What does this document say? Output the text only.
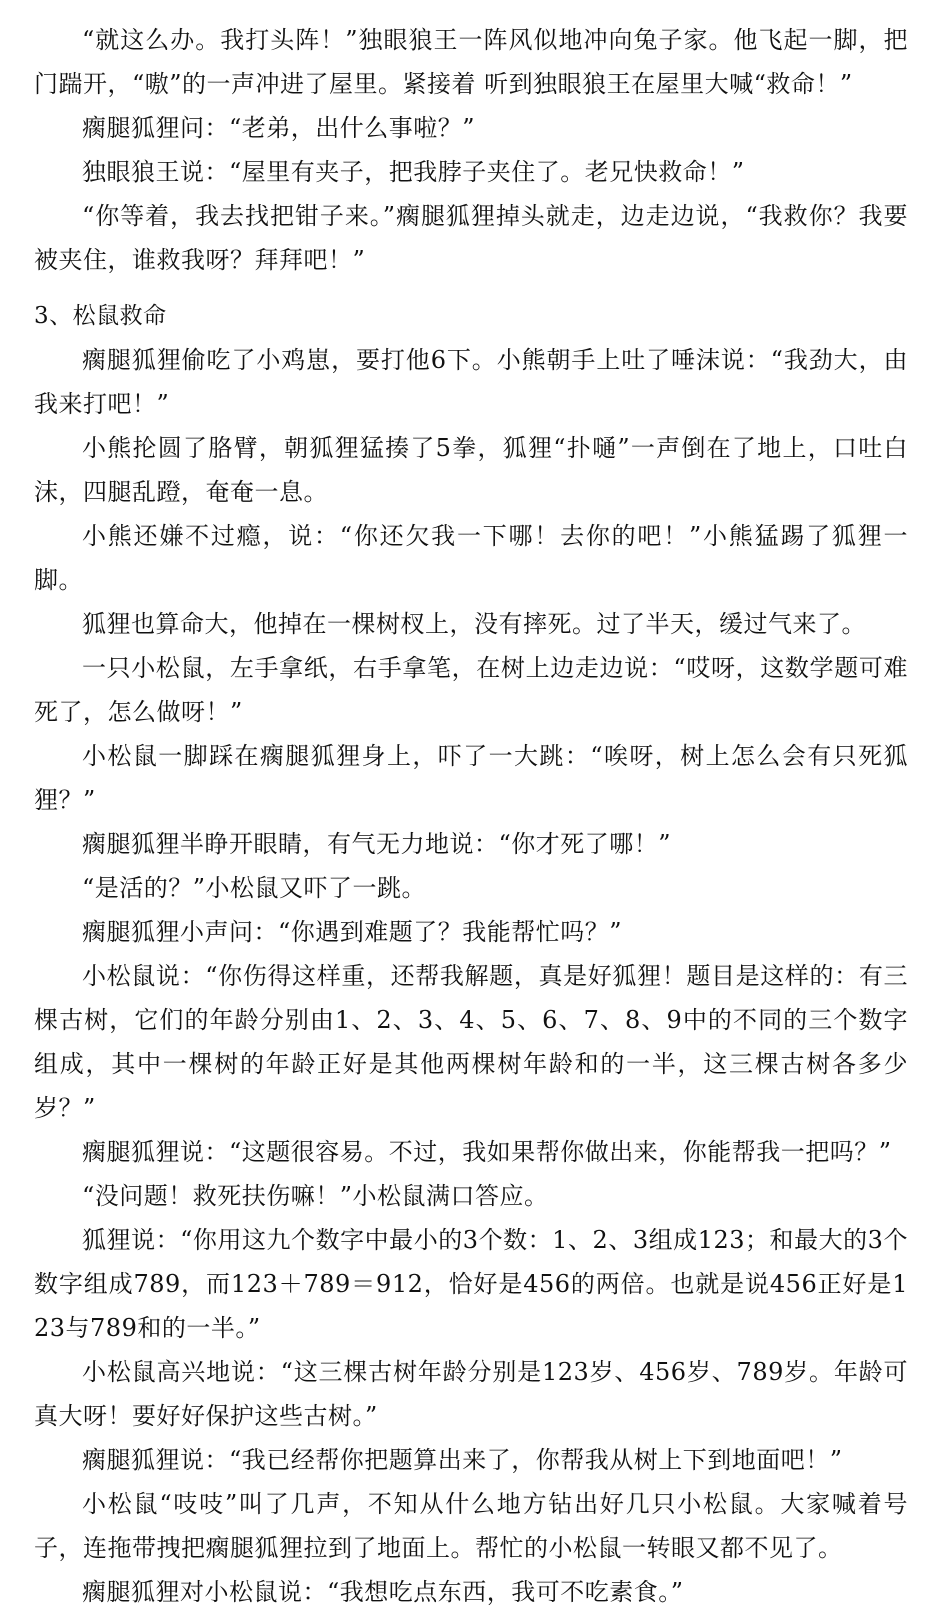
“就这么办。我打头阵！”独眼狼王一阵风似地冲向兔子家。他飞起一脚，把门踹开，“嗷”的一声冲进了屋里。紧接着 听到独眼狼王在屋里大喊“救命！”

瘸腿狐狸问：“老弟，出什么事啦？”

独眼狼王说：“屋里有夹子，把我脖子夹住了。老兄快救命！”

“你等着，我去找把钳子来。”瘸腿狐狸掉头就走，边走边说，“我救你？我要被夹住，谁救我呀？拜拜吧！”

3、松鼠救命

瘸腿狐狸偷吃了小鸡崽，要打他6下。小熊朝手上吐了唾沫说：“我劲大，由我来打吧！”

小熊抡圆了胳臂，朝狐狸猛揍了5拳，狐狸“扑嗵”一声倒在了地上，口吐白沫，四腿乱蹬，奄奄一息。

小熊还嫌不过瘾，说：“你还欠我一下哪！去你的吧！”小熊猛踢了狐狸一脚。

狐狸也算命大，他掉在一棵树杈上，没有摔死。过了半天，缓过气来了。

一只小松鼠，左手拿纸，右手拿笔，在树上边走边说：“哎呀，这数学题可难死了，怎么做呀！”

小松鼠一脚踩在瘸腿狐狸身上，吓了一大跳：“唉呀，树上怎么会有只死狐狸？”

瘸腿狐狸半睁开眼睛，有气无力地说：“你才死了哪！”

“是活的？”小松鼠又吓了一跳。

瘸腿狐狸小声问：“你遇到难题了？我能帮忙吗？”

小松鼠说：“你伤得这样重，还帮我解题，真是好狐狸！题目是这样的：有三棵古树，它们的年龄分别由1、2、3、4、5、6、7、8、9中的不同的三个数字组成，其中一棵树的年龄正好是其他两棵树年龄和的一半，这三棵古树各多少岁？”

瘸腿狐狸说：“这题很容易。不过，我如果帮你做出来，你能帮我一把吗？”

“没问题！救死扶伤嘛！”小松鼠满口答应。

狐狸说：“你用这九个数字中最小的3个数：1、2、3组成123；和最大的3个数字组成789，而123＋789＝912，恰好是456的两倍。也就是说456正好是123与789和的一半。”

小松鼠高兴地说：“这三棵古树年龄分别是123岁、456岁、789岁。年龄可真大呀！要好好保护这些古树。”

瘸腿狐狸说：“我已经帮你把题算出来了，你帮我从树上下到地面吧！”

小松鼠“吱吱”叫了几声，不知从什么地方钻出好几只小松鼠。大家喊着号子，连拖带拽把瘸腿狐狸拉到了地面上。帮忙的小松鼠一转眼又都不见了。

瘸腿狐狸对小松鼠说：“我想吃点东西，我可不吃素食。”
